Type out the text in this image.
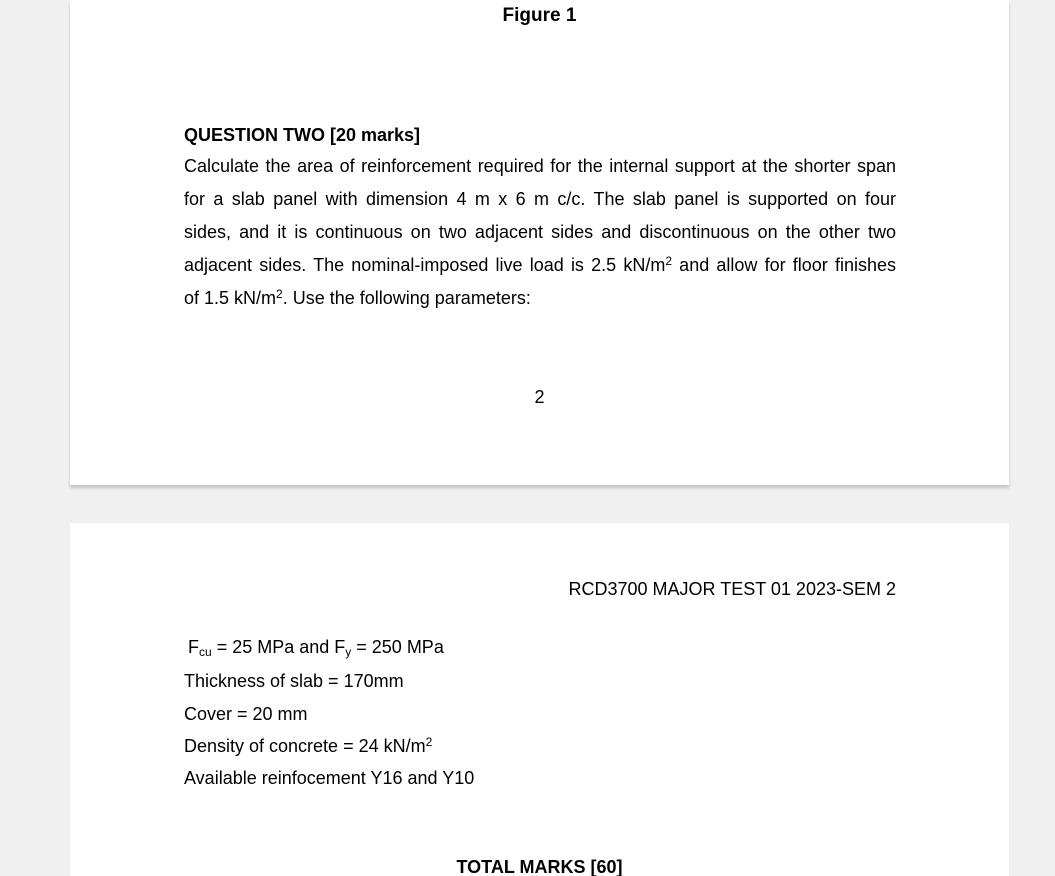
Figure 1
QUESTION TWO [20 marks]
Calculate the area of reinforcement required for the internal support at the shorter span
for a slab panel with dimension 4 m x 6 m c/c. The slab panel is supported on four
sides, and it is continuous on two adjacent sides and discontinuous on the other two
adjacent sides. The nominal-imposed live load is 2.5 $kN/m^2$ and allow for floor finishes
of 1.5 $kN/m^2$. Use the following parameters:
2
RCD3700 MAJOR TEST 01 2023-SEM 2
$F_{cu} = 25$ MPa and $F_y = 250$ MPa
Thickness of slab = 170mm
Cover = 20 mm
Density of concrete = 24 $kN/m^2$
Available reinfocement Y16 and Y10
TOTAL MARKS [60]
